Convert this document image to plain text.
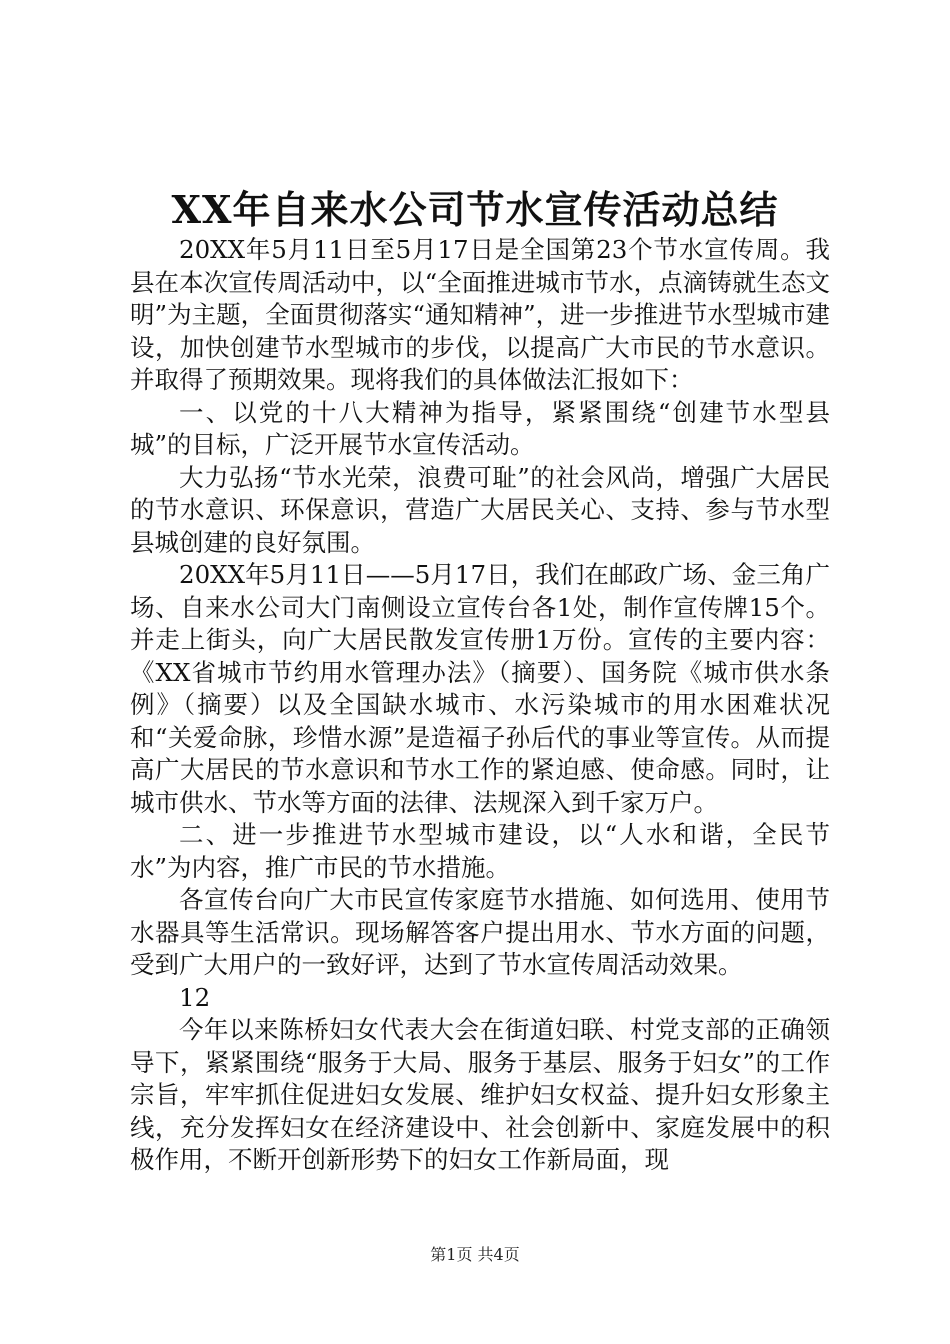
XX年自来水公司节水宣传活动总结

20XX年5月11日至5月17日是全国第23个节水宣传周。我县在本次宣传周活动中，以“全面推进城市节水，点滴铸就生态文明”为主题，全面贯彻落实“通知精神”，进一步推进节水型城市建设，加快创建节水型城市的步伐，以提高广大市民的节水意识。并取得了预期效果。现将我们的具体做法汇报如下：

一、以党的十八大精神为指导，紧紧围绕“创建节水型县城”的目标，广泛开展节水宣传活动。

大力弘扬“节水光荣，浪费可耻”的社会风尚，增强广大居民的节水意识、环保意识，营造广大居民关心、支持、参与节水型县城创建的良好氛围。

20XX年5月11日——5月17日，我们在邮政广场、金三角广场、自来水公司大门南侧设立宣传台各1处，制作宣传牌15个。并走上街头，向广大居民散发宣传册1万份。宣传的主要内容：《XX省城市节约用水管理办法》（摘要）、国务院《城市供水条例》（摘要）以及全国缺水城市、水污染城市的用水困难状况和“关爱命脉，珍惜水源”是造福子孙后代的事业等宣传。从而提高广大居民的节水意识和节水工作的紧迫感、使命感。同时，让城市供水、节水等方面的法律、法规深入到千家万户。

二、进一步推进节水型城市建设，以“人水和谐，全民节水”为内容，推广市民的节水措施。

各宣传台向广大市民宣传家庭节水措施、如何选用、使用节水器具等生活常识。现场解答客户提出用水、节水方面的问题，受到广大用户的一致好评，达到了节水宣传周活动效果。

12

今年以来陈桥妇女代表大会在街道妇联、村党支部的正确领导下，紧紧围绕“服务于大局、服务于基层、服务于妇女”的工作宗旨，牢牢抓住促进妇女发展、维护妇女权益、提升妇女形象主线，充分发挥妇女在经济建设中、社会创新中、家庭发展中的积极作用，不断开创新形势下的妇女工作新局面，现

第1页 共4页
